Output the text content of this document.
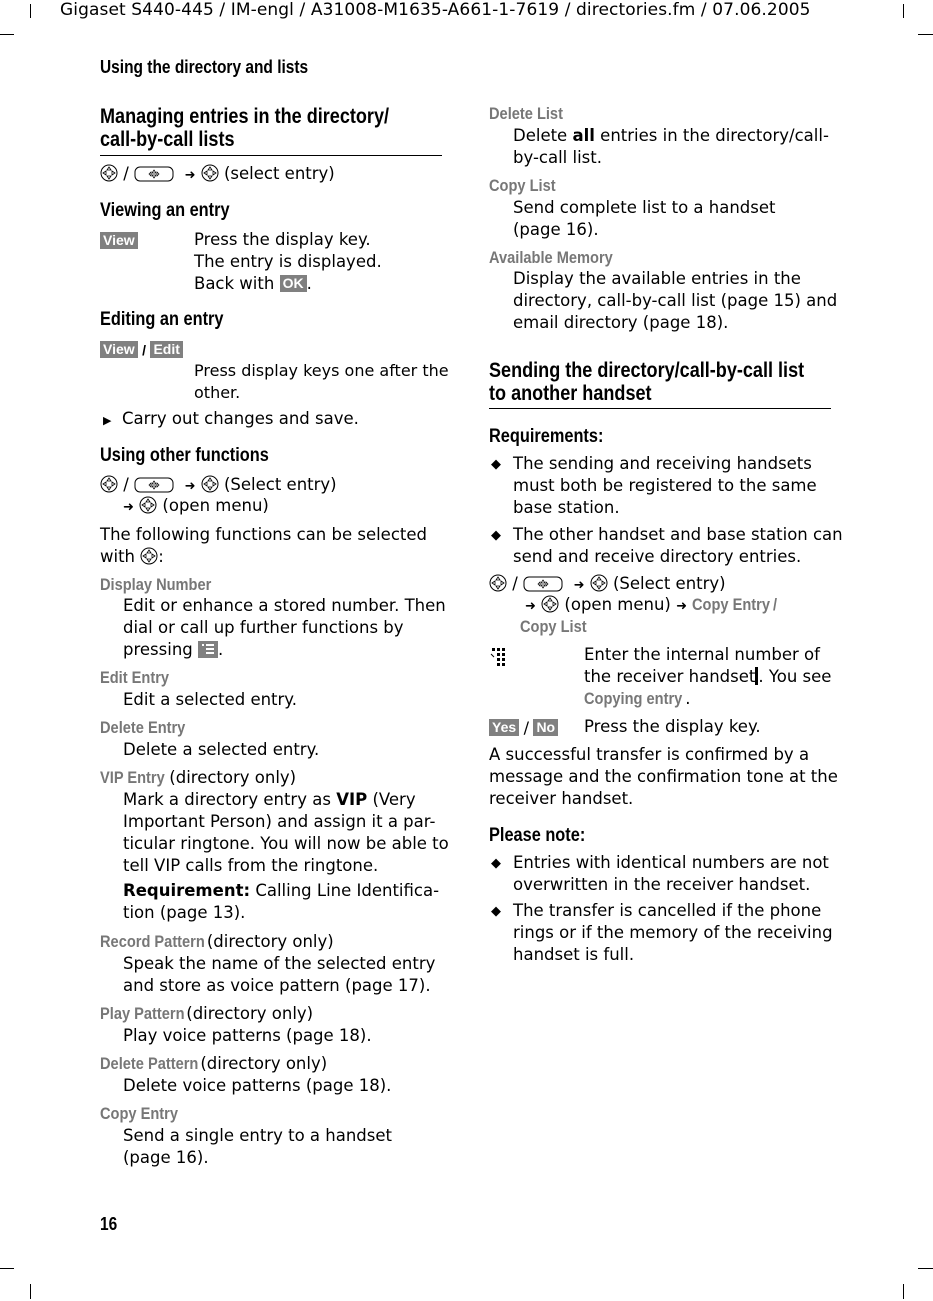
Gigaset S440-445 / IM-engl / A31008-M1635-A661-1-7619 / directories.fm / 07.06.2005
Using the directory and lists
Managing entries in the directory/
call-by-call lists
/	➜ (select entry)
Viewing an entry
View	Press the display key.
The entry is displayed.
Back with OK .
Editing an entry
View / Edit
Press display keys one after the
other.
▶ Carry out changes and save.
Using other functions
/	➜ (Select entry)
➜ (open menu)
The following functions can be selected
with :
Display Number
Edit or enhance a stored number. Then
dial or call up further functions by
pressing .
Edit Entry
Edit a selected entry.
Delete Entry
Delete a selected entry.
VIP Entry (directory only)
Mark a directory entry as VIP (Very
Important Person) and assign it a par-
ticular ringtone. You will now be able to
tell VIP calls from the ringtone.
Requirement: Calling Line Identifica-
tion (page 13).
Record Pattern (directory only)
Speak the name of the selected entry
and store as voice pattern (page 17).
Play Pattern (directory only)
Play voice patterns (page 18).
Delete Pattern (directory only)
Delete voice patterns (page 18).
Copy Entry
Send a single entry to a handset
(page 16).
16
Delete List
Delete all entries in the directory/call-
by-call list.
Copy List
Send complete list to a handset
(page 16).
Available Memory
Display the available entries in the
directory, call-by-call list (page 15) and
email directory (page 18).
Sending the directory/call-by-call list
to another handset
Requirements:
◆ The sending and receiving handsets
must both be registered to the same
base station.
◆ The other handset and base station can
send and receive directory entries.
/	➜ (Select entry)
➜ (open menu) ➜ Copy Entry /
Copy List
Enter the internal number of
the receiver handset . You see
Copying entry .
Yes / No Press the display key.
A successful transfer is confirmed by a
message and the confirmation tone at the
receiver handset.
Please note:
◆ Entries with identical numbers are not
overwritten in the receiver handset.
◆ The transfer is cancelled if the phone
rings or if the memory of the receiving
handset is full.
